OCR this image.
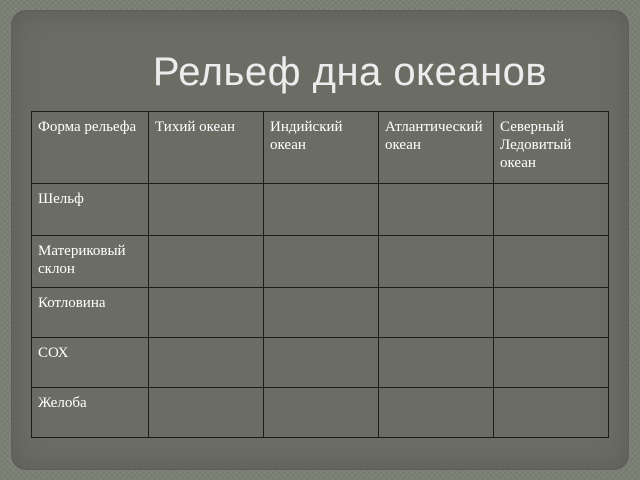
Рельеф дна океанов
Форма рельефа	Тихий океан	Индийский океан	Атлантический океан	Северный Ледовитый океан
Шельф				
Материковый склон				
Котловина				
СОХ				
Желоба				
